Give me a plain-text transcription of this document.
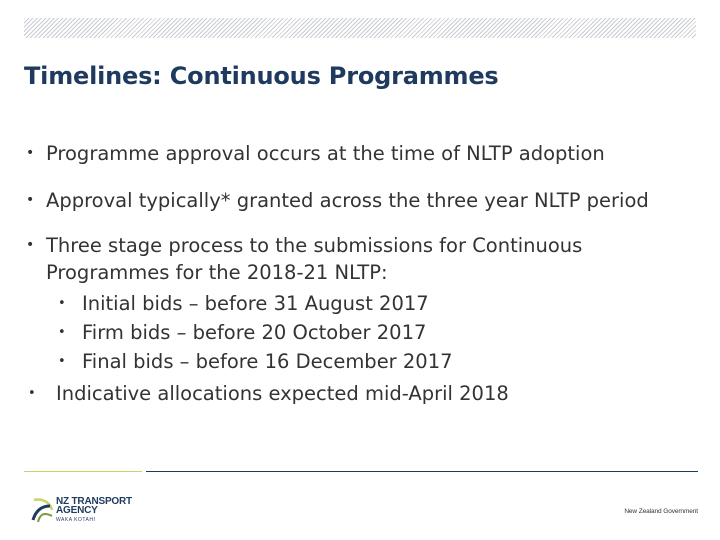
Timelines: Continuous Programmes
• Programme approval occurs at the time of NLTP adoption
• Approval typically* granted across the three year NLTP period
• Three stage process to the submissions for Continuous Programmes for the 2018-21 NLTP:
• Initial bids – before 31 August 2017
• Firm bids – before 20 October 2017
• Final bids – before 16 December 2017
• Indicative allocations expected mid-April 2018
NZ TRANSPORT
AGENCY
WAKA KOTAHI
New Zealand Government
